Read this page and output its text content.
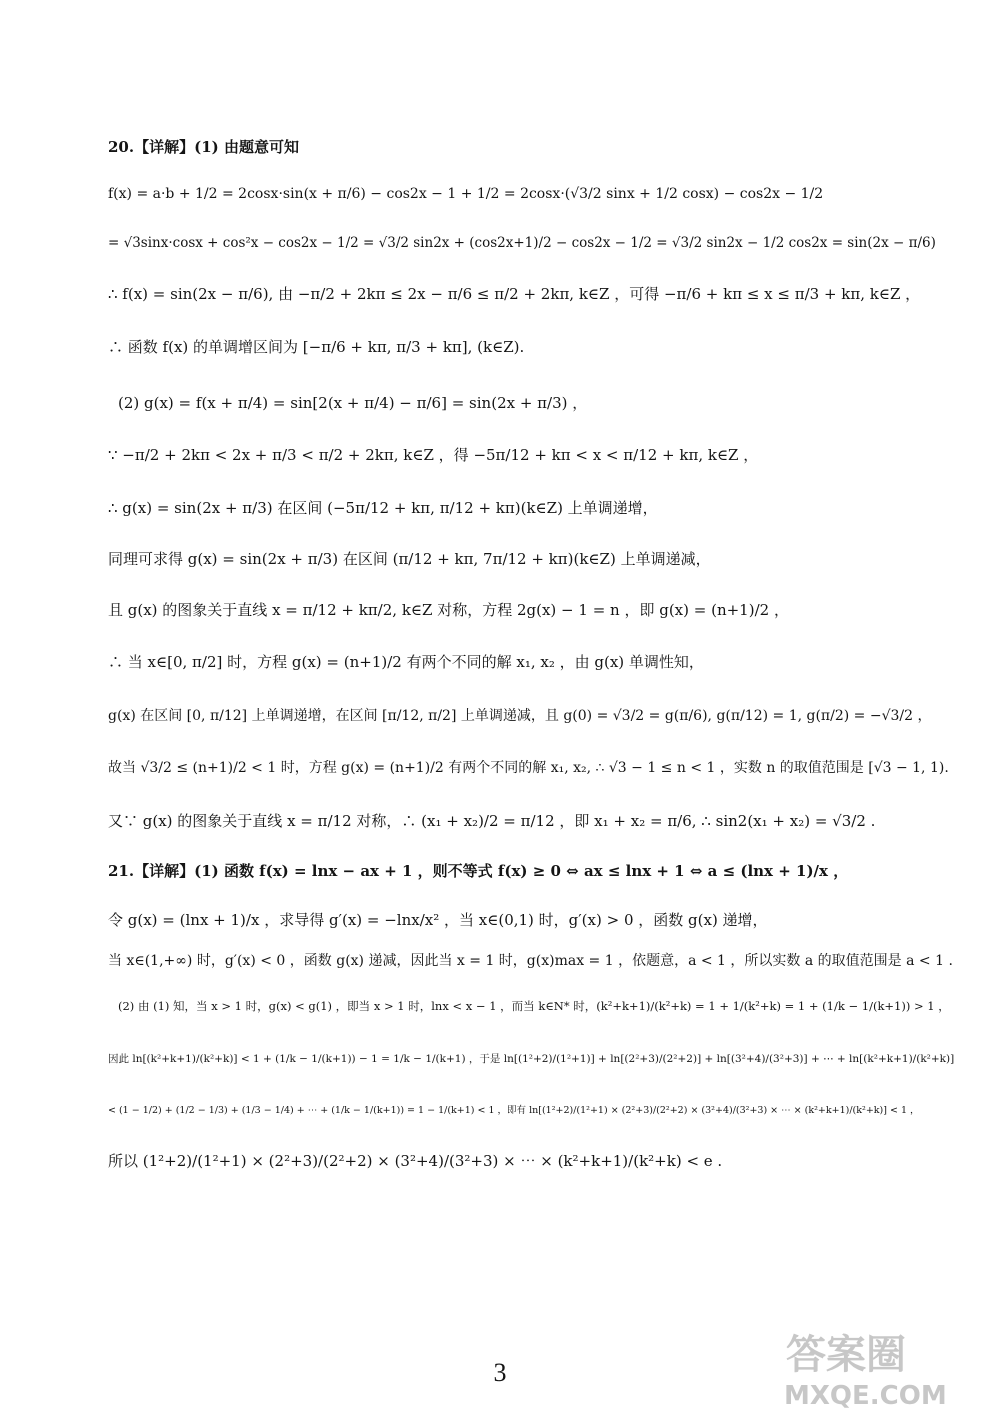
20.【详解】(1) 由题意可知
f(x) = a·b + 1/2 = 2cosx·sin(x + π/6) − cos2x − 1 + 1/2 = 2cosx·(√3/2 sinx + 1/2 cosx) − cos2x − 1/2
= √3sinx·cosx + cos²x − cos2x − 1/2 = √3/2 sin2x + (cos2x+1)/2 − cos2x − 1/2 = √3/2 sin2x − 1/2 cos2x = sin(2x − π/6)
∴ f(x) = sin(2x − π/6), 由 −π/2 + 2kπ ≤ 2x − π/6 ≤ π/2 + 2kπ, k∈Z ，可得 −π/6 + kπ ≤ x ≤ π/3 + kπ, k∈Z ，
∴ 函数 f(x) 的单调增区间为 [−π/6 + kπ, π/3 + kπ], (k∈Z).
(2) g(x) = f(x + π/4) = sin[2(x + π/4) − π/6] = sin(2x + π/3) ，
∵ −π/2 + 2kπ < 2x + π/3 < π/2 + 2kπ, k∈Z ，得 −5π/12 + kπ < x < π/12 + kπ, k∈Z ，
∴ g(x) = sin(2x + π/3) 在区间 (−5π/12 + kπ, π/12 + kπ)(k∈Z) 上单调递增，
同理可求得 g(x) = sin(2x + π/3) 在区间 (π/12 + kπ, 7π/12 + kπ)(k∈Z) 上单调递减，
且 g(x) 的图象关于直线 x = π/12 + kπ/2, k∈Z 对称，方程 2g(x) − 1 = n ，即 g(x) = (n+1)/2 ，
∴ 当 x∈[0, π/2] 时，方程 g(x) = (n+1)/2 有两个不同的解 x₁, x₂ ，由 g(x) 单调性知，
g(x) 在区间 [0, π/12] 上单调递增，在区间 [π/12, π/2] 上单调递减，且 g(0) = √3/2 = g(π/6), g(π/12) = 1, g(π/2) = −√3/2 ，
故当 √3/2 ≤ (n+1)/2 < 1 时，方程 g(x) = (n+1)/2 有两个不同的解 x₁, x₂, ∴ √3 − 1 ≤ n < 1 ，实数 n 的取值范围是 [√3 − 1, 1).
又∵ g(x) 的图象关于直线 x = π/12 对称，∴ (x₁ + x₂)/2 = π/12 ，即 x₁ + x₂ = π/6, ∴ sin2(x₁ + x₂) = √3/2 .
21.【详解】(1) 函数 f(x) = lnx − ax + 1 ，则不等式 f(x) ≥ 0 ⇔ ax ≤ lnx + 1 ⇔ a ≤ (lnx + 1)/x ，
令 g(x) = (lnx + 1)/x ，求导得 g′(x) = −lnx/x² ，当 x∈(0,1) 时，g′(x) > 0 ，函数 g(x) 递增，
当 x∈(1,+∞) 时，g′(x) < 0 ，函数 g(x) 递减，因此当 x = 1 时，g(x)max = 1 ，依题意，a < 1 ，所以实数 a 的取值范围是 a < 1 .
(2) 由 (1) 知，当 x > 1 时，g(x) < g(1) ，即当 x > 1 时，lnx < x − 1 ，而当 k∈N* 时，(k²+k+1)/(k²+k) = 1 + 1/(k²+k) = 1 + (1/k − 1/(k+1)) > 1 ，
因此 ln[(k²+k+1)/(k²+k)] < 1 + (1/k − 1/(k+1)) − 1 = 1/k − 1/(k+1) ，于是 ln[(1²+2)/(1²+1)] + ln[(2²+3)/(2²+2)] + ln[(3²+4)/(3²+3)] + ⋯ + ln[(k²+k+1)/(k²+k)]
< (1 − 1/2) + (1/2 − 1/3) + (1/3 − 1/4) + ⋯ + (1/k − 1/(k+1)) = 1 − 1/(k+1) < 1 ，即有 ln[(1²+2)/(1²+1) × (2²+3)/(2²+2) × (3²+4)/(3²+3) × ⋯ × (k²+k+1)/(k²+k)] < 1 ，
所以 (1²+2)/(1²+1) × (2²+3)/(2²+2) × (3²+4)/(3²+3) × ⋯ × (k²+k+1)/(k²+k) < e .
3	答案圈
MXQE.COM
